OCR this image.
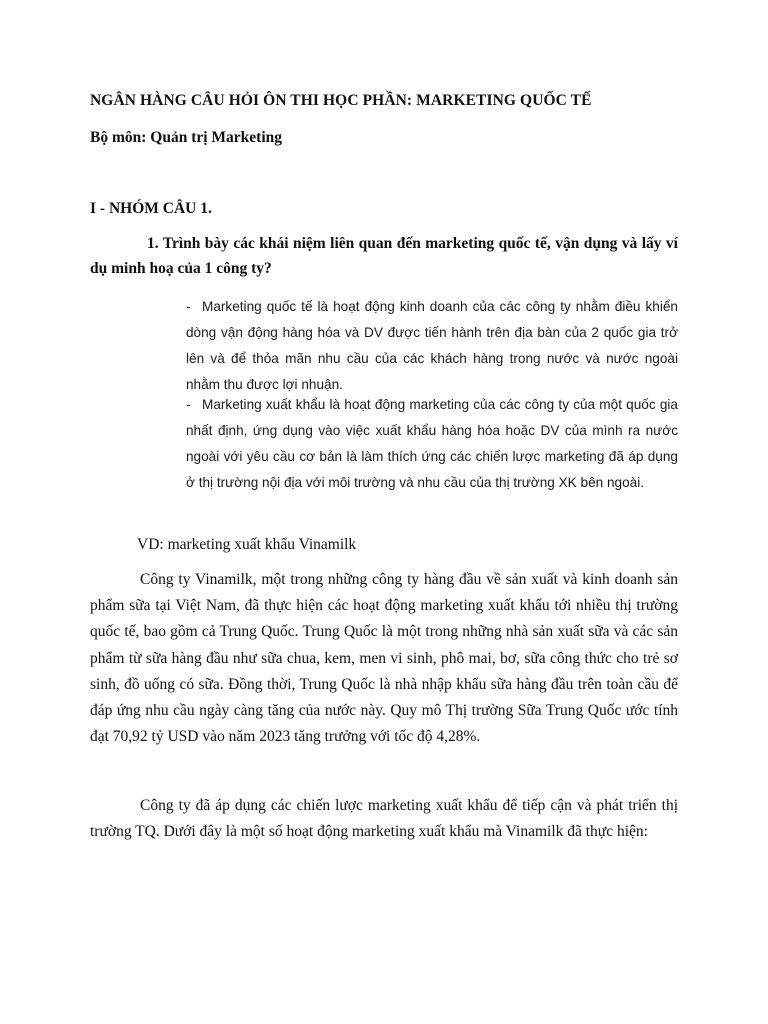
NGÂN HÀNG CÂU HỎI ÔN THI HỌC PHẦN: MARKETING QUỐC TẾ
Bộ môn: Quản trị Marketing
I - NHÓM CÂU 1.
1. Trình bày các khái niệm liên quan đến marketing quốc tế, vận dụng và lấy ví dụ minh hoạ của 1 công ty?
- Marketing quốc tế là hoạt động kinh doanh của các công ty nhằm điều khiển dòng vận động hàng hóa và DV được tiến hành trên địa bàn của 2 quốc gia trở lên và để thỏa mãn nhu cầu của các khách hàng trong nước và nước ngoài nhằm thu được lợi nhuận.
- Marketing xuất khẩu là hoạt động marketing của các công ty của một quốc gia nhất định, ứng dụng vào việc xuất khẩu hàng hóa hoặc DV của mình ra nước ngoài với yêu cầu cơ bản là làm thích ứng các chiến lược marketing đã áp dụng ở thị trường nội địa với môi trường và nhu cầu của thị trường XK bên ngoài.
VD: marketing xuất khẩu Vinamilk
Công ty Vinamilk, một trong những công ty hàng đầu về sản xuất và kinh doanh sản phẩm sữa tại Việt Nam, đã thực hiện các hoạt động marketing xuất khẩu tới nhiều thị trường quốc tế, bao gồm cả Trung Quốc. Trung Quốc là một trong những nhà sản xuất sữa và các sản phẩm từ sữa hàng đầu như sữa chua, kem, men vi sinh, phô mai, bơ, sữa công thức cho trẻ sơ sinh, đồ uống có sữa. Đồng thời, Trung Quốc là nhà nhập khẩu sữa hàng đầu trên toàn cầu để đáp ứng nhu cầu ngày càng tăng của nước này. Quy mô Thị trường Sữa Trung Quốc ước tính đạt 70,92 tỷ USD vào năm 2023 tăng trưởng với tốc độ 4,28%.
Công ty đã áp dụng các chiến lược marketing xuất khẩu để tiếp cận và phát triển thị trường TQ. Dưới đây là một số hoạt động marketing xuất khẩu mà Vinamilk đã thực hiện:
